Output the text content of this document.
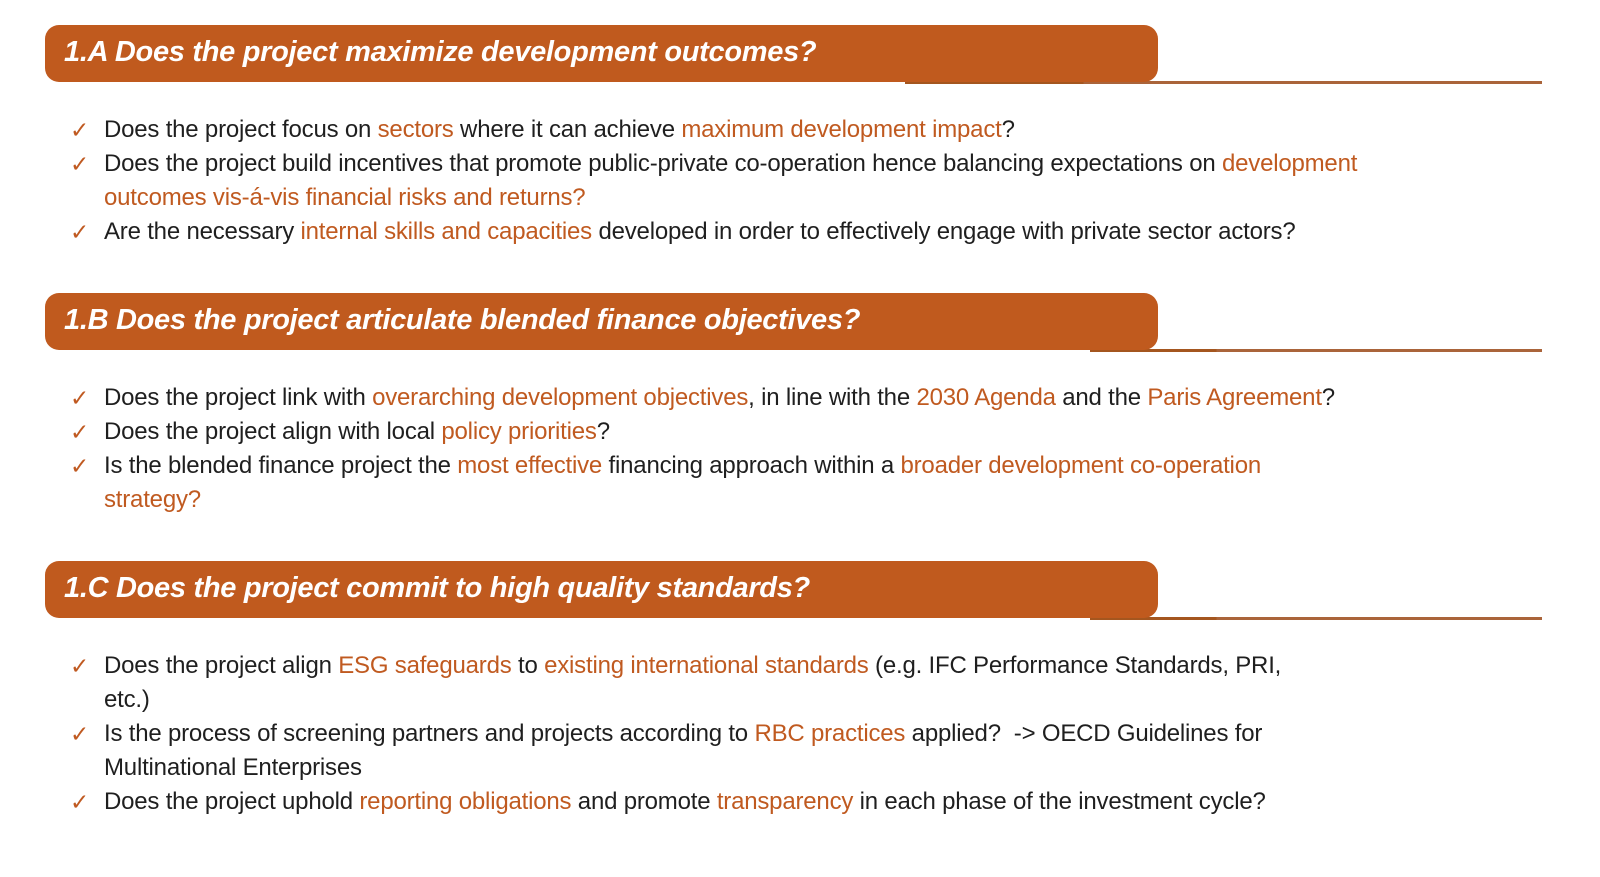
1.A Does the project maximize development outcomes?
✓ Does the project focus on sectors where it can achieve maximum development impact?
✓ Does the project build incentives that promote public-private co-operation hence balancing expectations on development
outcomes vis-á-vis financial risks and returns?
✓ Are the necessary internal skills and capacities developed in order to effectively engage with private sector actors?
1.B Does the project articulate blended finance objectives?
✓ Does the project link with overarching development objectives, in line with the 2030 Agenda and the Paris Agreement?
✓ Does the project align with local policy priorities?
✓ Is the blended finance project the most effective financing approach within a broader development co-operation
strategy?
1.C Does the project commit to high quality standards?
✓ Does the project align ESG safeguards to existing international standards (e.g. IFC Performance Standards, PRI,
etc.)
✓ Is the process of screening partners and projects according to RBC practices applied?  -> OECD Guidelines for
Multinational Enterprises
✓ Does the project uphold reporting obligations and promote transparency in each phase of the investment cycle?
